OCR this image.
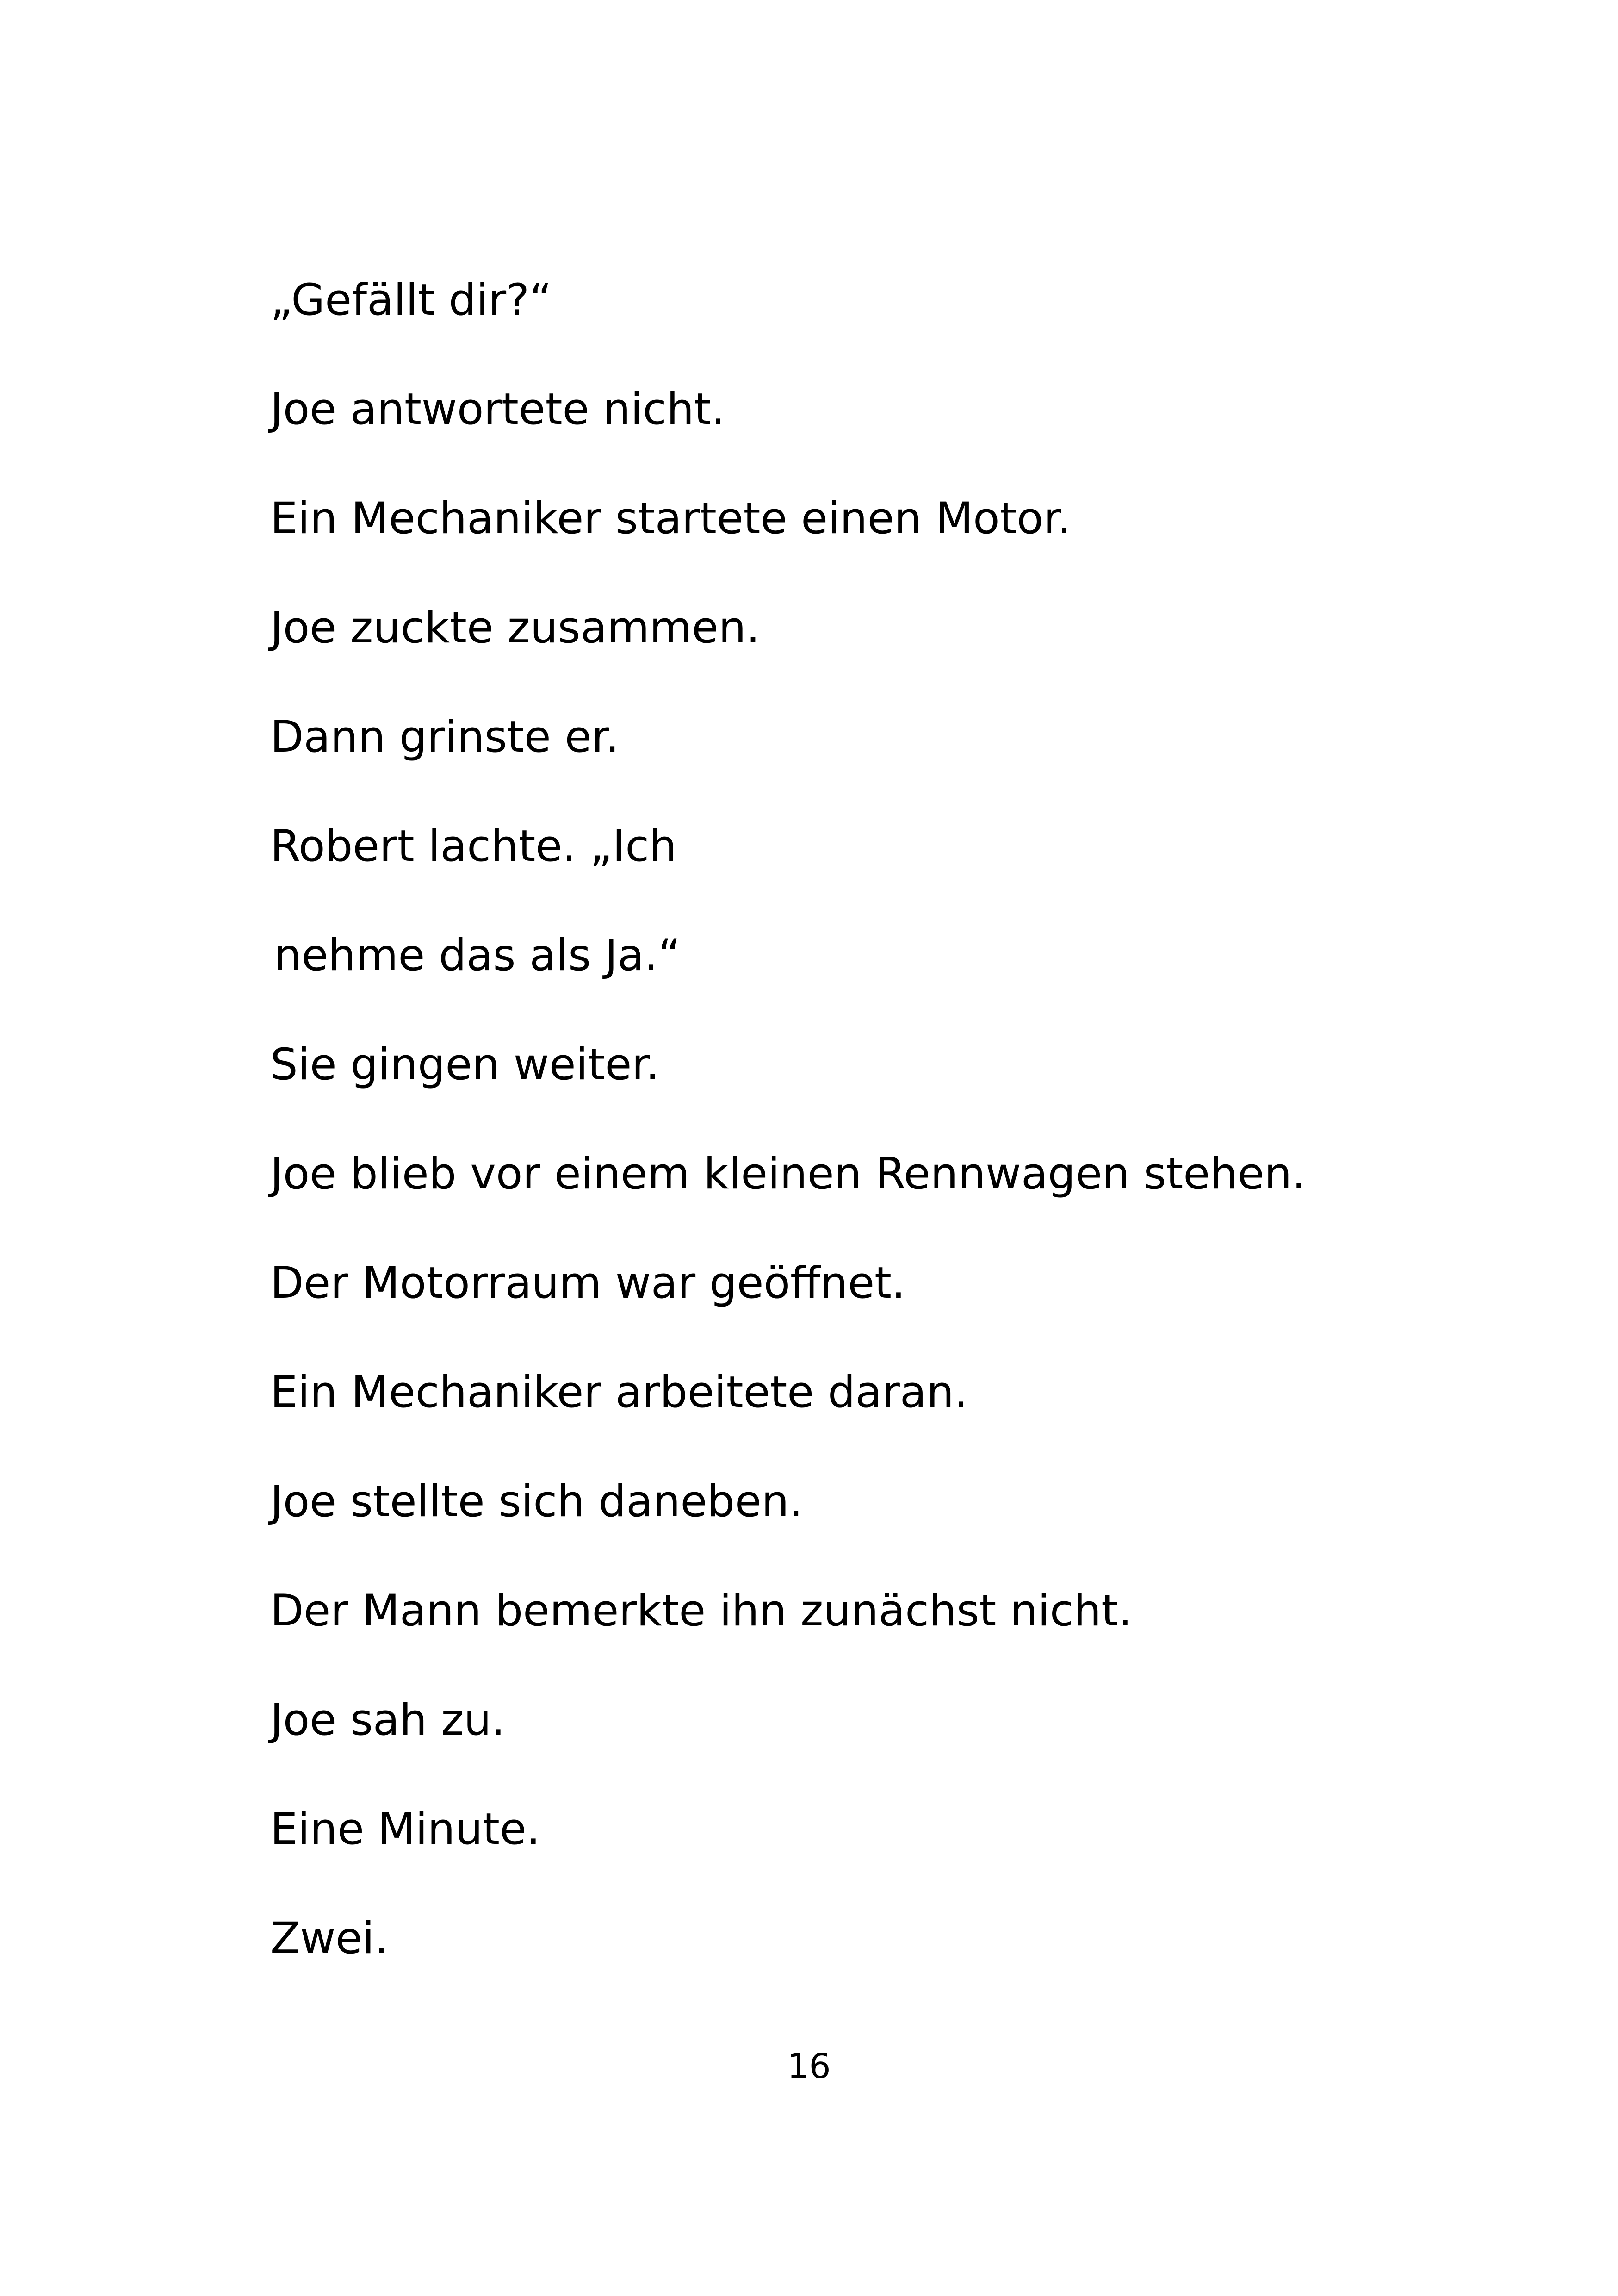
„Gefällt dir?“

Joe antwortete nicht.

Ein Mechaniker startete einen Motor.

Joe zuckte zusammen.

Dann grinste er.

Robert lachte. „Ich

nehme das als Ja.“

Sie gingen weiter.

Joe blieb vor einem kleinen Rennwagen stehen.

Der Motorraum war geöffnet.

Ein Mechaniker arbeitete daran.

Joe stellte sich daneben.

Der Mann bemerkte ihn zunächst nicht.

Joe sah zu.

Eine Minute.

Zwei.

16
